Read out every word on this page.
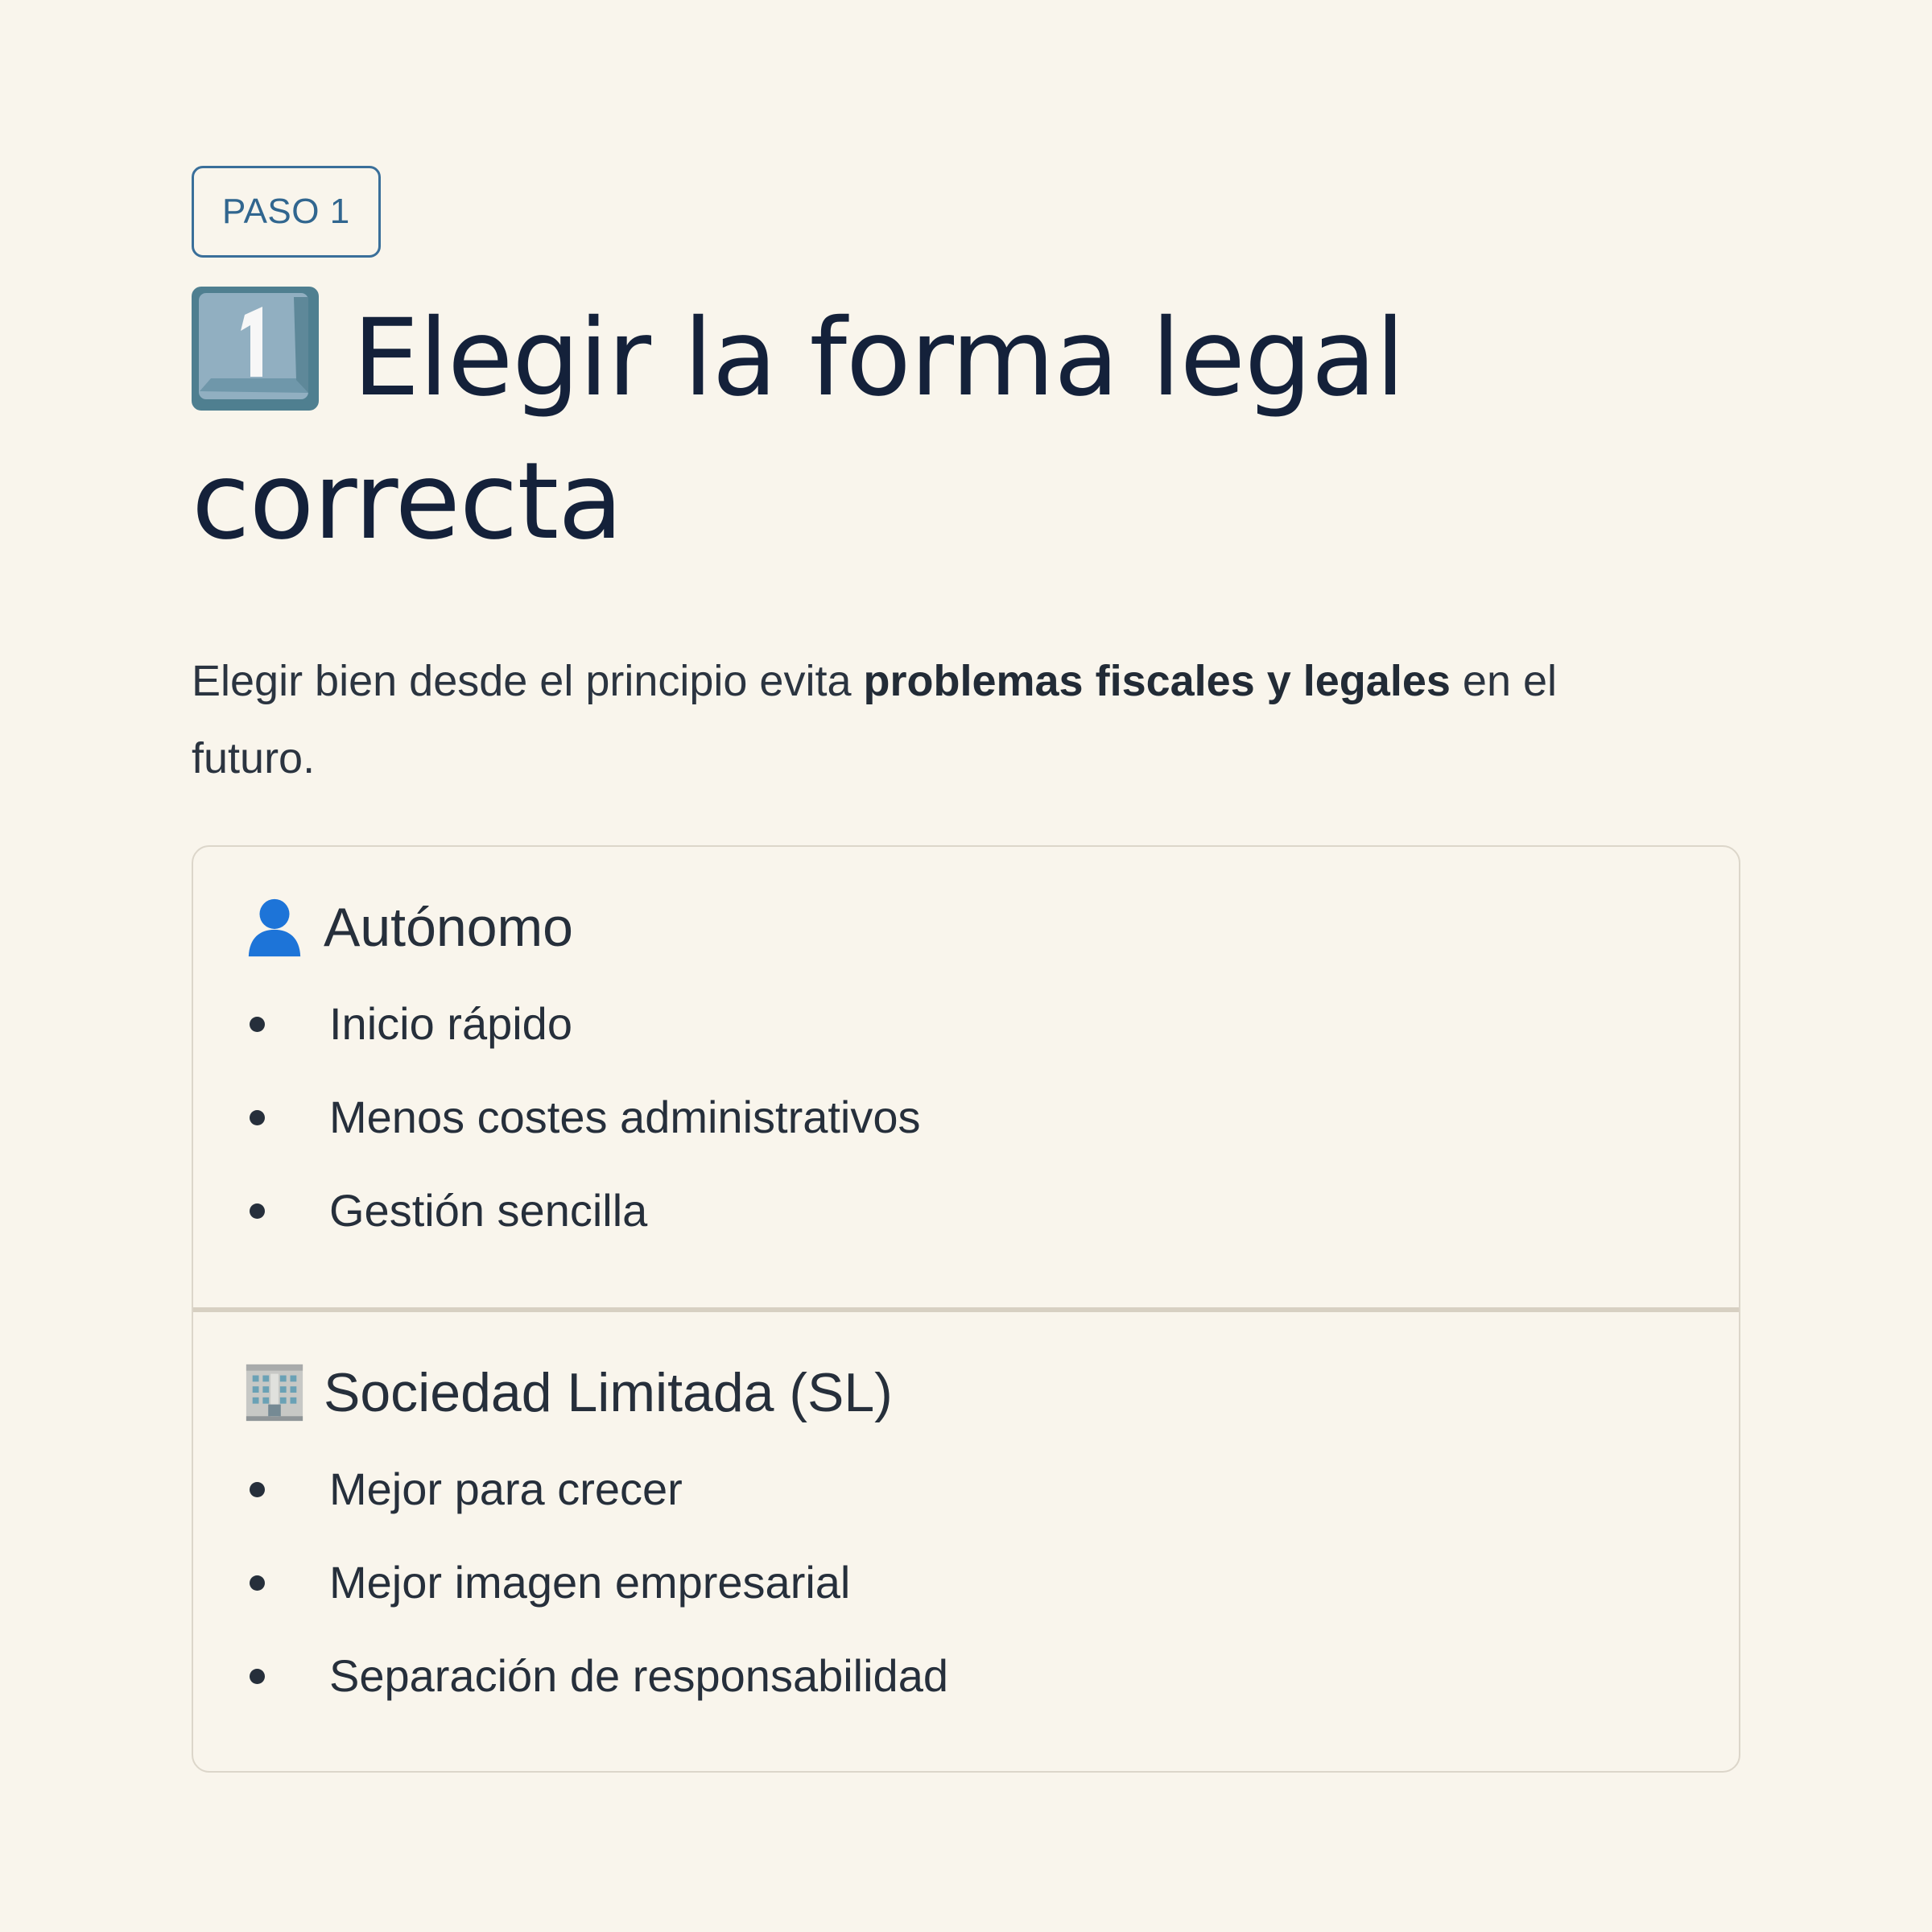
PASO 1
Elegir la forma legal correcta

Elegir bien desde el principio evita problemas fiscales y legales en el futuro.

Autónomo
Inicio rápido
Menos costes administrativos
Gestión sencilla
Sociedad Limitada (SL)
Mejor para crecer
Mejor imagen empresarial
Separación de responsabilidad
